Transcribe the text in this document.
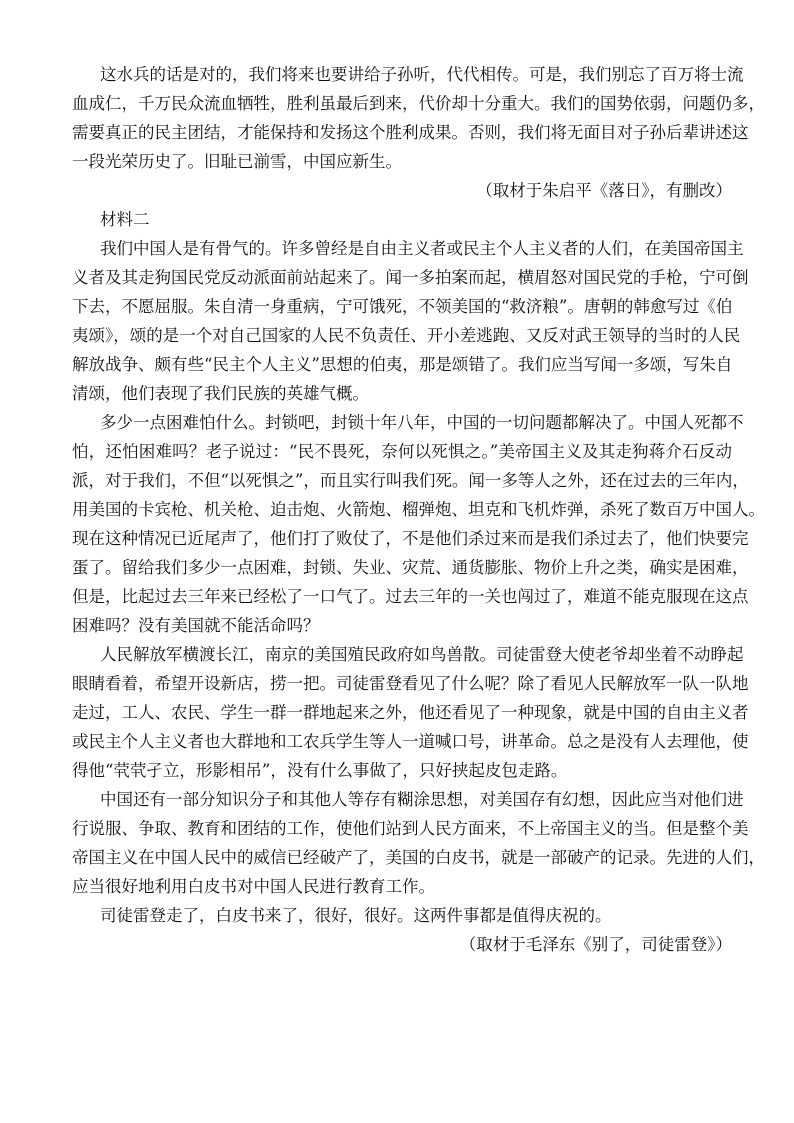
这水兵的话是对的，我们将来也要讲给子孙听，代代相传。可是，我们别忘了百万将士流
血成仁，千万民众流血牺牲，胜利虽最后到来，代价却十分重大。我们的国势依弱，问题仍多，
需要真正的民主团结，才能保持和发扬这个胜利成果。否则，我们将无面目对子孙后辈讲述这
一段光荣历史了。旧耻已湔雪，中国应新生。
（取材于朱启平《落日》，有删改）
材料二
我们中国人是有骨气的。许多曾经是自由主义者或民主个人主义者的人们，在美国帝国主
义者及其走狗国民党反动派面前站起来了。闻一多拍案而起，横眉怒对国民党的手枪，宁可倒
下去，不愿屈服。朱自清一身重病，宁可饿死，不领美国的“救济粮”。唐朝的韩愈写过《伯
夷颂》，颂的是一个对自己国家的人民不负责任、开小差逃跑、又反对武王领导的当时的人民
解放战争、颇有些“民主个人主义”思想的伯夷，那是颂错了。我们应当写闻一多颂，写朱自
清颂，他们表现了我们民族的英雄气概。
多少一点困难怕什么。封锁吧，封锁十年八年，中国的一切问题都解决了。中国人死都不
怕，还怕困难吗？老子说过：“民不畏死，奈何以死惧之。”美帝国主义及其走狗蒋介石反动
派，对于我们，不但“以死惧之”，而且实行叫我们死。闻一多等人之外，还在过去的三年内，
用美国的卡宾枪、机关枪、迫击炮、火箭炮、榴弹炮、坦克和飞机炸弹，杀死了数百万中国人。
现在这种情况已近尾声了，他们打了败仗了，不是他们杀过来而是我们杀过去了，他们快要完
蛋了。留给我们多少一点困难，封锁、失业、灾荒、通货膨胀、物价上升之类，确实是困难，
但是，比起过去三年来已经松了一口气了。过去三年的一关也闯过了，难道不能克服现在这点
困难吗？没有美国就不能活命吗？
人民解放军横渡长江，南京的美国殖民政府如鸟兽散。司徒雷登大使老爷却坐着不动睁起
眼睛看着，希望开设新店，捞一把。司徒雷登看见了什么呢？除了看见人民解放军一队一队地
走过，工人、农民、学生一群一群地起来之外，他还看见了一种现象，就是中国的自由主义者
或民主个人主义者也大群地和工农兵学生等人一道喊口号，讲革命。总之是没有人去理他，使
得他“茕茕孑立，形影相吊”，没有什么事做了，只好挟起皮包走路。
中国还有一部分知识分子和其他人等存有糊涂思想，对美国存有幻想，因此应当对他们进
行说服、争取、教育和团结的工作，使他们站到人民方面来，不上帝国主义的当。但是整个美
帝国主义在中国人民中的威信已经破产了，美国的白皮书，就是一部破产的记录。先进的人们，
应当很好地利用白皮书对中国人民进行教育工作。
司徒雷登走了，白皮书来了，很好，很好。这两件事都是值得庆祝的。
（取材于毛泽东《别了，司徒雷登》）
